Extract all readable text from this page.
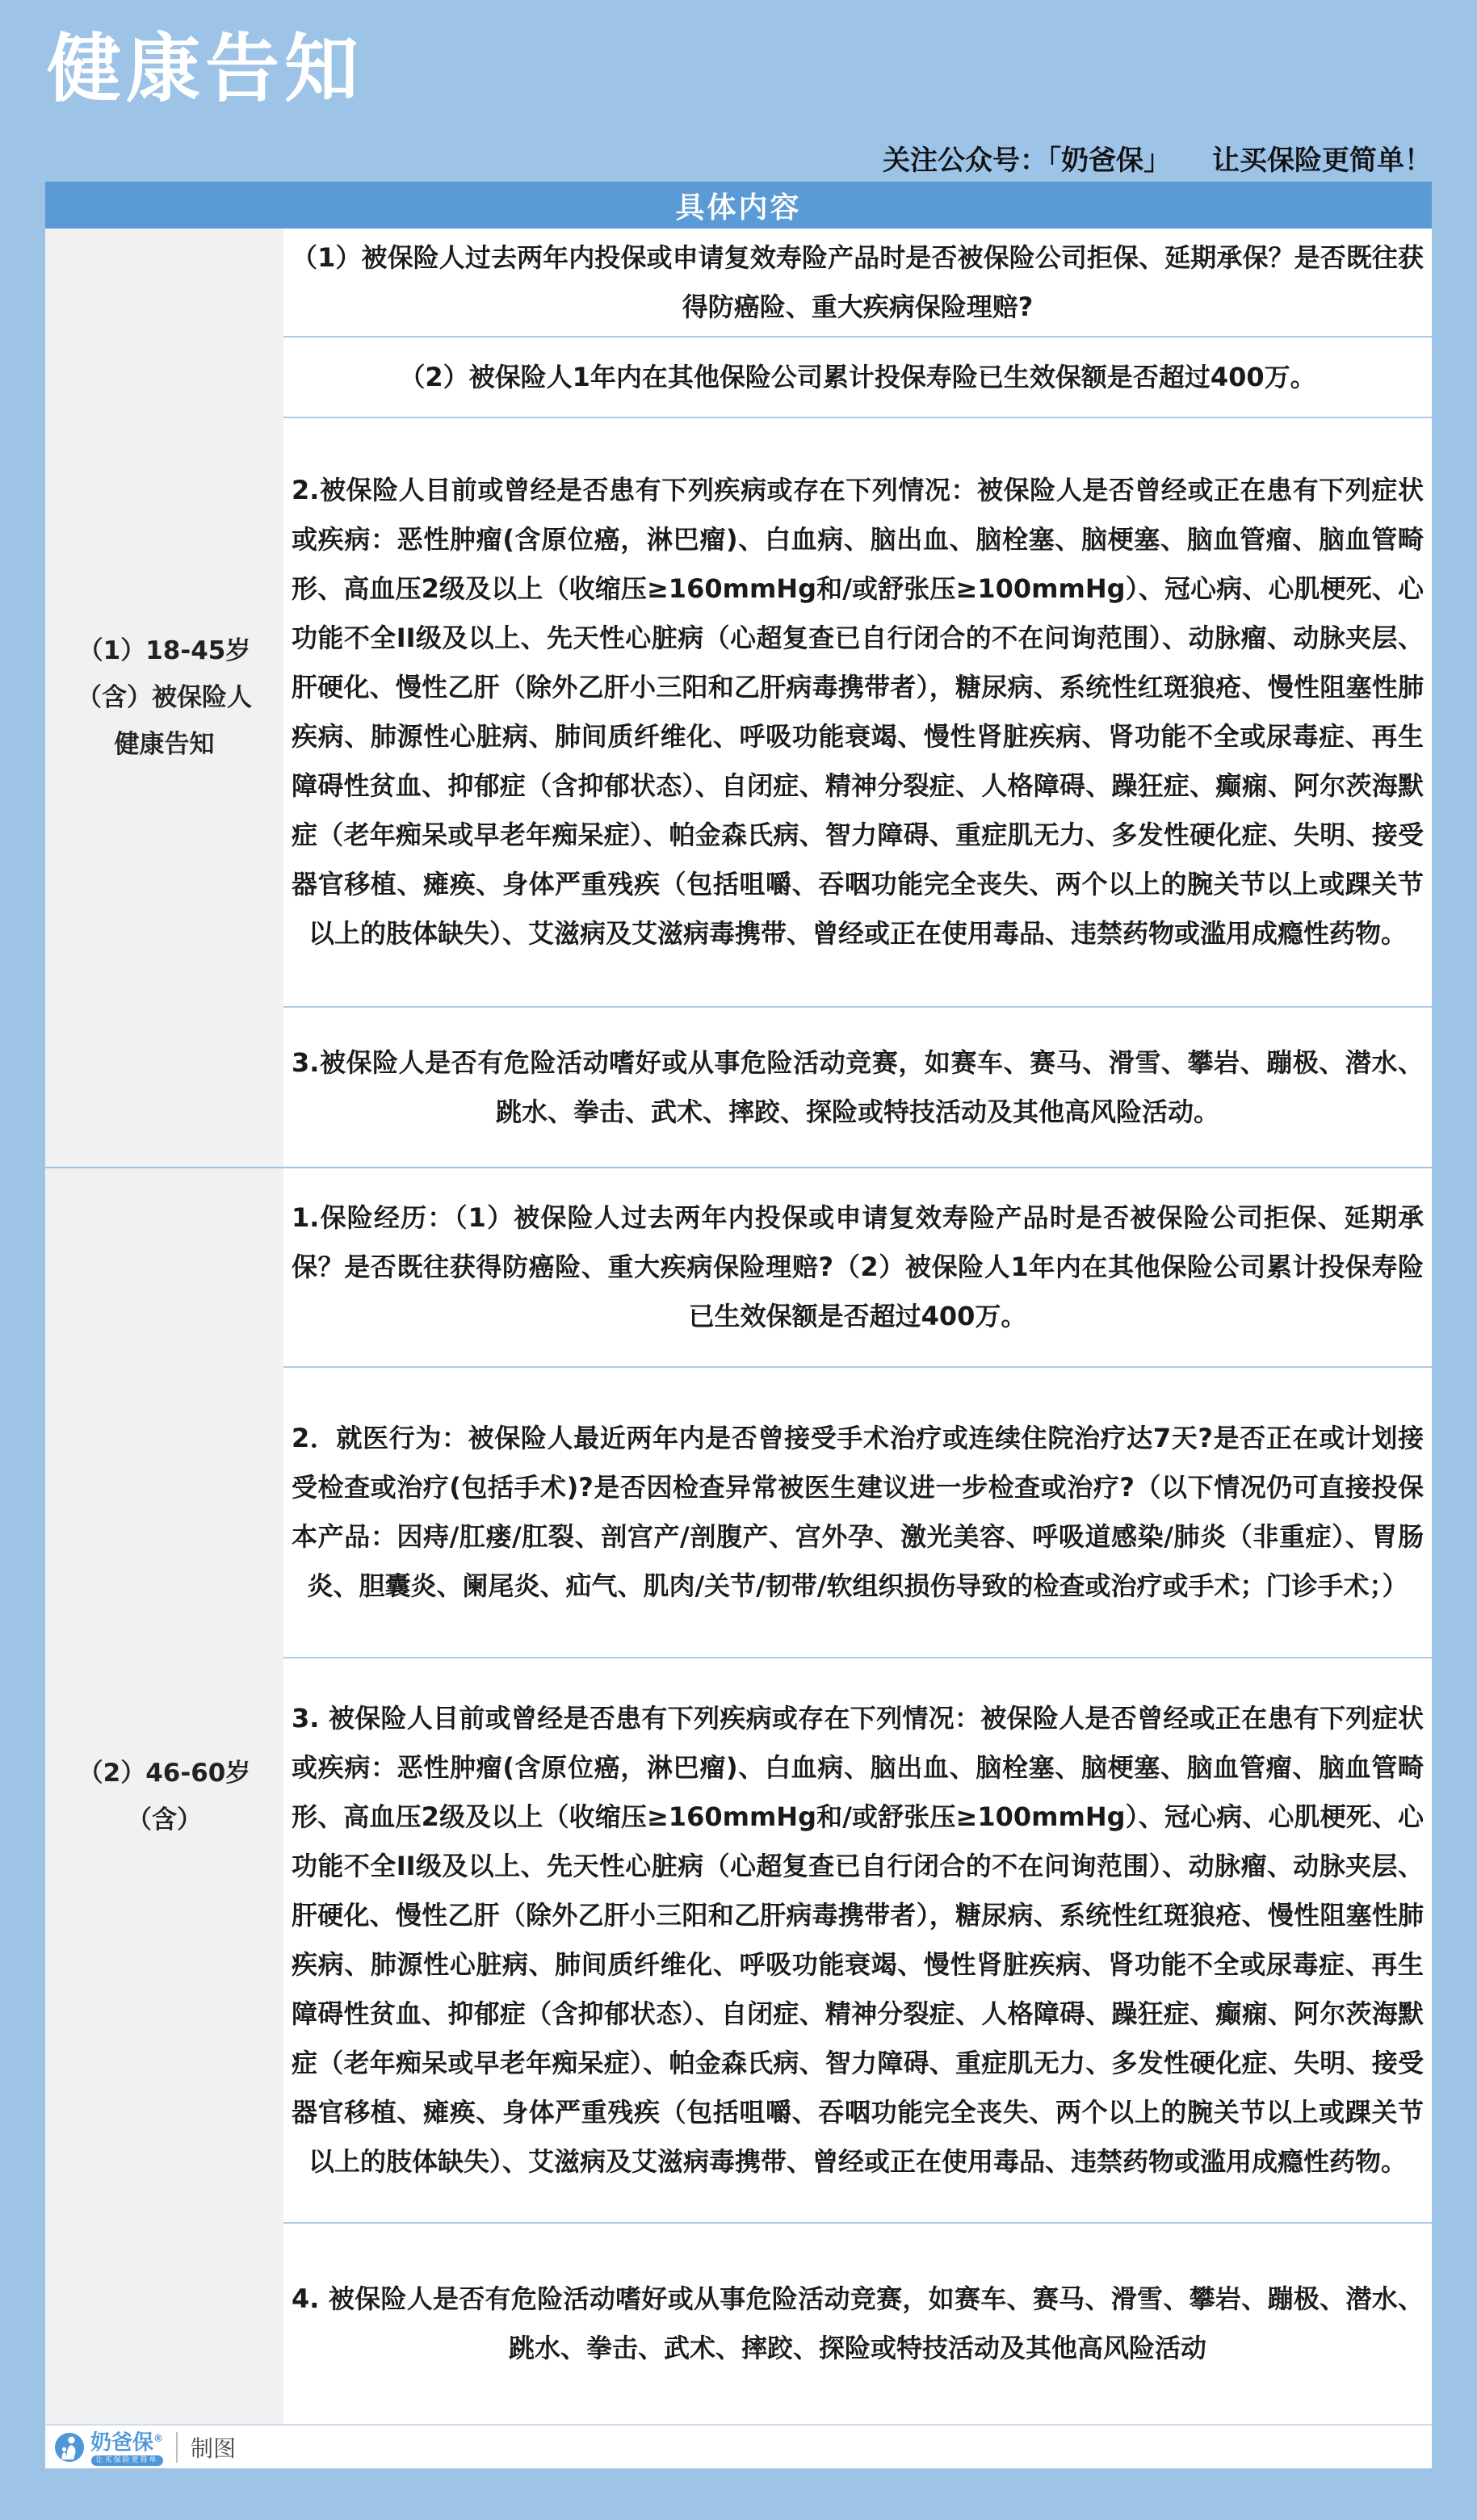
健康告知
关注公众号：「奶爸保」　　让买保险更简单！
具体内容
（1）18-45岁
（含）被保险人
健康告知
（1）被保险人过去两年内投保或申请复效寿险产品时是否被保险公司拒保、延期承保？是否既往获得防癌险、重大疾病保险理赔?
（2）被保险人1年内在其他保险公司累计投保寿险已生效保额是否超过400万。
2.被保险人目前或曾经是否患有下列疾病或存在下列情况：被保险人是否曾经或正在患有下列症状或疾病：恶性肿瘤(含原位癌，淋巴瘤)、白血病、脑出血、脑栓塞、脑梗塞、脑血管瘤、脑血管畸形、高血压2级及以上（收缩压≥160mmHg和/或舒张压≥100mmHg）、冠心病、心肌梗死、心功能不全II级及以上、先天性心脏病（心超复查已自行闭合的不在问询范围）、动脉瘤、动脉夹层、肝硬化、慢性乙肝（除外乙肝小三阳和乙肝病毒携带者），糖尿病、系统性红斑狼疮、慢性阻塞性肺疾病、肺源性心脏病、肺间质纤维化、呼吸功能衰竭、慢性肾脏疾病、肾功能不全或尿毒症、再生障碍性贫血、抑郁症（含抑郁状态）、自闭症、精神分裂症、人格障碍、躁狂症、癫痫、阿尔茨海默症（老年痴呆或早老年痴呆症）、帕金森氏病、智力障碍、重症肌无力、多发性硬化症、失明、接受器官移植、瘫痪、身体严重残疾（包括咀嚼、吞咽功能完全丧失、两个以上的腕关节以上或踝关节以上的肢体缺失）、艾滋病及艾滋病毒携带、曾经或正在使用毒品、违禁药物或滥用成瘾性药物。
3.被保险人是否有危险活动嗜好或从事危险活动竞赛，如赛车、赛马、滑雪、攀岩、蹦极、潜水、跳水、拳击、武术、摔跤、探险或特技活动及其他高风险活动。
（2）46-60岁
（含）
1.保险经历：（1）被保险人过去两年内投保或申请复效寿险产品时是否被保险公司拒保、延期承保？是否既往获得防癌险、重大疾病保险理赔?（2）被保险人1年内在其他保险公司累计投保寿险已生效保额是否超过400万。
2．就医行为：被保险人最近两年内是否曾接受手术治疗或连续住院治疗达7天?是否正在或计划接受检查或治疗(包括手术)?是否因检查异常被医生建议进一步检查或治疗?（以下情况仍可直接投保本产品：因痔/肛瘘/肛裂、剖宫产/剖腹产、宫外孕、激光美容、呼吸道感染/肺炎（非重症）、胃肠炎、胆囊炎、阑尾炎、疝气、肌肉/关节/韧带/软组织损伤导致的检查或治疗或手术；门诊手术；）
3. 被保险人目前或曾经是否患有下列疾病或存在下列情况：被保险人是否曾经或正在患有下列症状或疾病：恶性肿瘤(含原位癌，淋巴瘤)、白血病、脑出血、脑栓塞、脑梗塞、脑血管瘤、脑血管畸形、高血压2级及以上（收缩压≥160mmHg和/或舒张压≥100mmHg）、冠心病、心肌梗死、心功能不全II级及以上、先天性心脏病（心超复查已自行闭合的不在问询范围）、动脉瘤、动脉夹层、肝硬化、慢性乙肝（除外乙肝小三阳和乙肝病毒携带者），糖尿病、系统性红斑狼疮、慢性阻塞性肺疾病、肺源性心脏病、肺间质纤维化、呼吸功能衰竭、慢性肾脏疾病、肾功能不全或尿毒症、再生障碍性贫血、抑郁症（含抑郁状态）、自闭症、精神分裂症、人格障碍、躁狂症、癫痫、阿尔茨海默症（老年痴呆或早老年痴呆症）、帕金森氏病、智力障碍、重症肌无力、多发性硬化症、失明、接受器官移植、瘫痪、身体严重残疾（包括咀嚼、吞咽功能完全丧失、两个以上的腕关节以上或踝关节以上的肢体缺失）、艾滋病及艾滋病毒携带、曾经或正在使用毒品、违禁药物或滥用成瘾性药物。
4. 被保险人是否有危险活动嗜好或从事危险活动竞赛，如赛车、赛马、滑雪、攀岩、蹦极、潜水、跳水、拳击、武术、摔跤、探险或特技活动及其他高风险活动
奶爸保®
让买保险更简单 制图
